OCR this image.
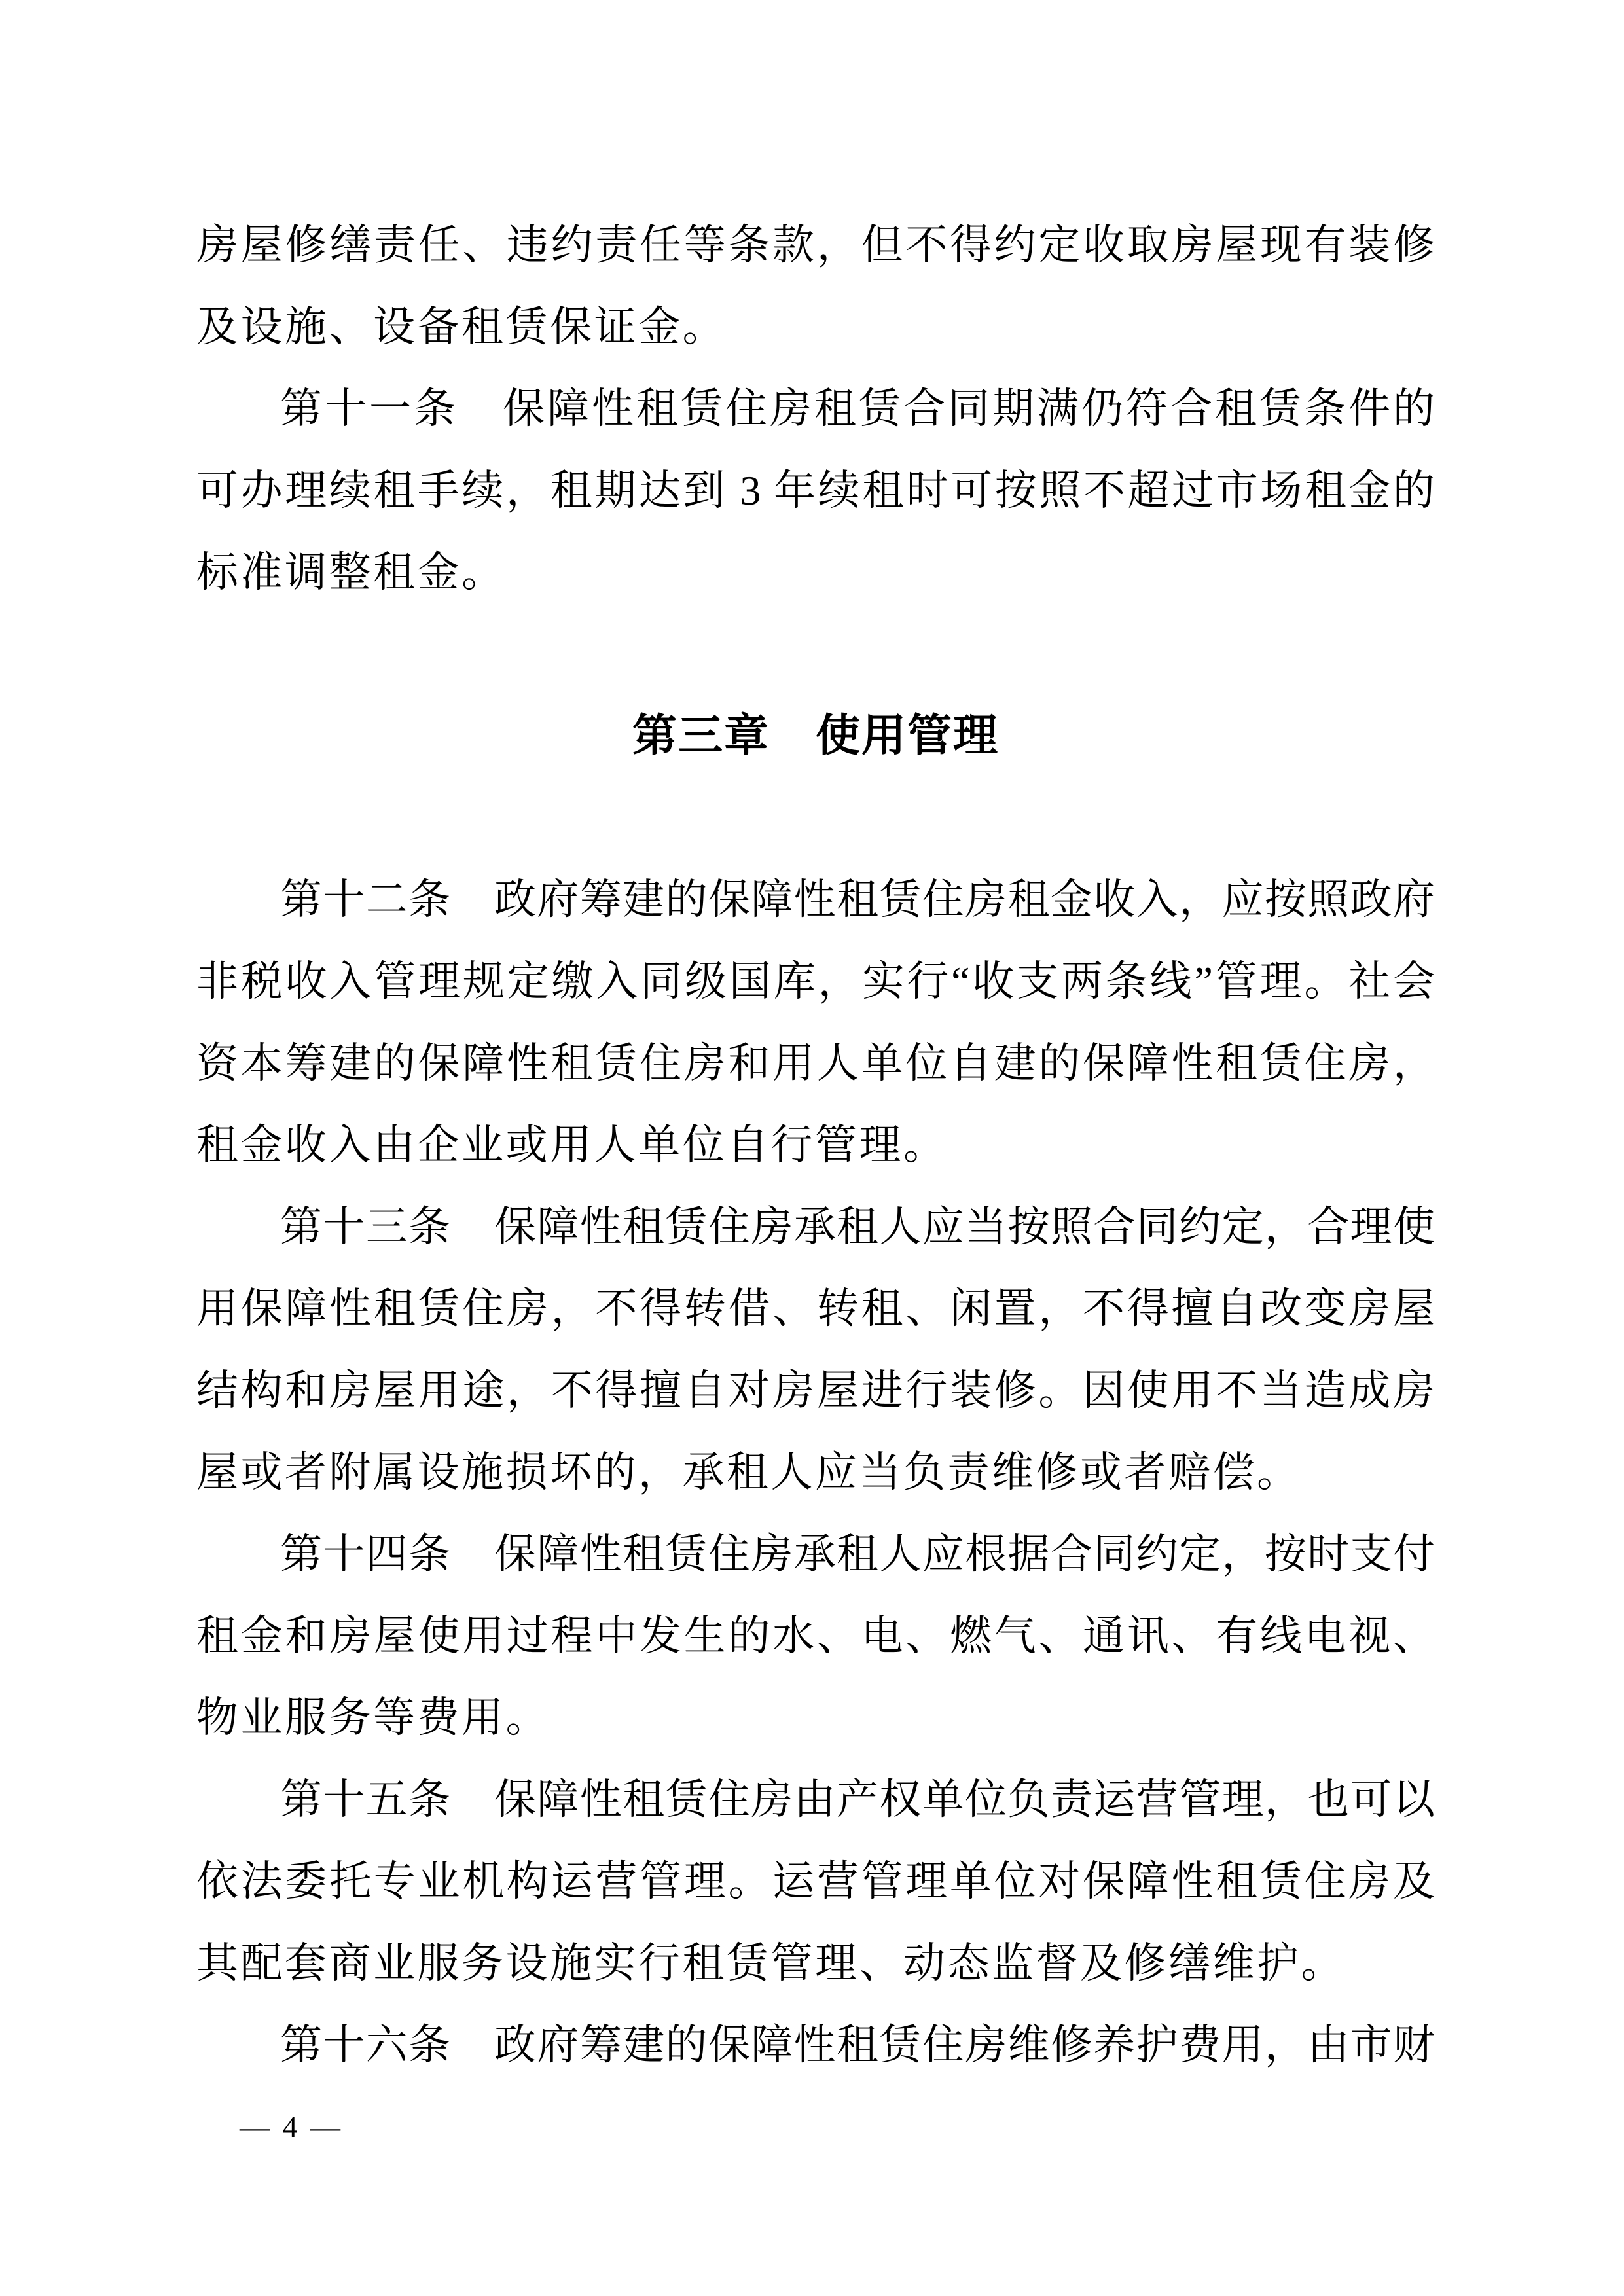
房屋修缮责任、违约责任等条款，但不得约定收取房屋现有装修
及设施、设备租赁保证金。
第十一条　保障性租赁住房租赁合同期满仍符合租赁条件的
可办理续租手续，租期达到 3 年续租时可按照不超过市场租金的
标准调整租金。
第三章　使用管理
第十二条　政府筹建的保障性租赁住房租金收入，应按照政府
非税收入管理规定缴入同级国库，实行“收支两条线”管理。社会
资本筹建的保障性租赁住房和用人单位自建的保障性租赁住房，
租金收入由企业或用人单位自行管理。
第十三条　保障性租赁住房承租人应当按照合同约定，合理使
用保障性租赁住房，不得转借、转租、闲置，不得擅自改变房屋
结构和房屋用途，不得擅自对房屋进行装修。因使用不当造成房
屋或者附属设施损坏的，承租人应当负责维修或者赔偿。
第十四条　保障性租赁住房承租人应根据合同约定，按时支付
租金和房屋使用过程中发生的水、电、燃气、通讯、有线电视、
物业服务等费用。
第十五条　保障性租赁住房由产权单位负责运营管理，也可以
依法委托专业机构运营管理。运营管理单位对保障性租赁住房及
其配套商业服务设施实行租赁管理、动态监督及修缮维护。
第十六条　政府筹建的保障性租赁住房维修养护费用，由市财
— 4 —
